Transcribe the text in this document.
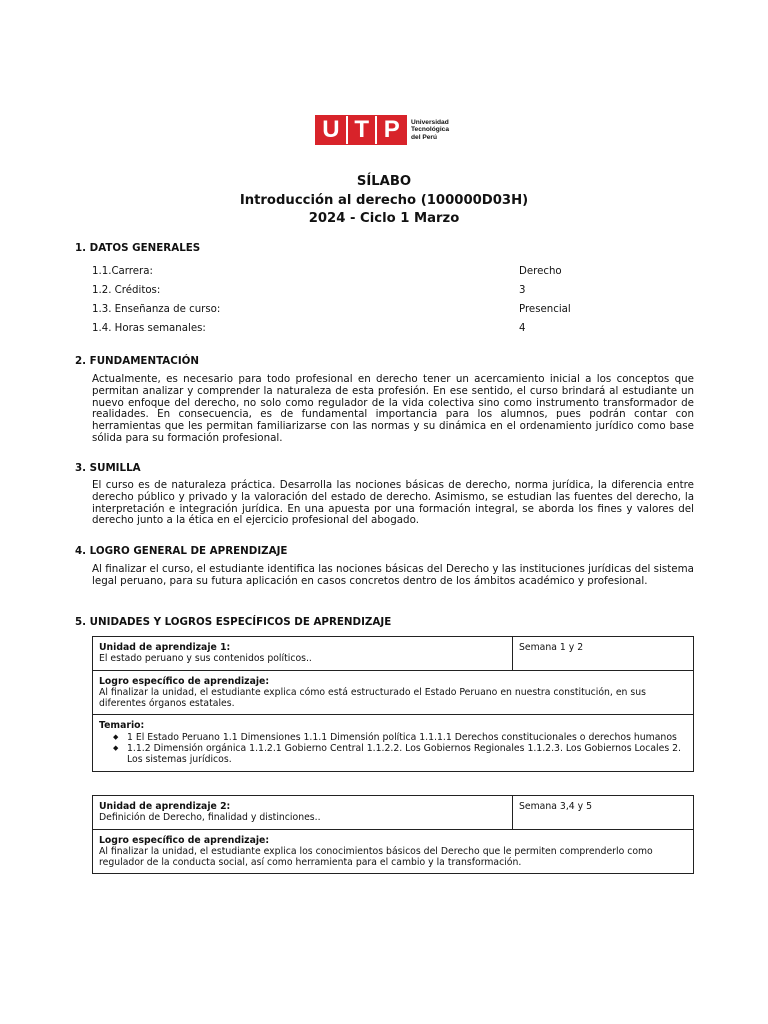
U T P Universidad
Tecnológica
del Perú
SÍLABO
Introducción al derecho (100000D03H)
2024 - Ciclo 1 Marzo
1. DATOS GENERALES
1.1.Carrera:	Derecho
1.2. Créditos:	3
1.3. Enseñanza de curso:	Presencial
1.4. Horas semanales:	4
2. FUNDAMENTACIÓN
Actualmente, es necesario para todo profesional en derecho tener un acercamiento inicial a los conceptos que permitan analizar y comprender la naturaleza de esta profesión. En ese sentido, el curso brindará al estudiante un nuevo enfoque del derecho, no solo como regulador de la vida colectiva sino como instrumento transformador de realidades. En consecuencia, es de fundamental importancia para los alumnos, pues podrán contar con herramientas que les permitan familiarizarse con las normas y su dinámica en el ordenamiento jurídico como base sólida para su formación profesional.
3. SUMILLA
El curso es de naturaleza práctica. Desarrolla las nociones básicas de derecho, norma jurídica, la diferencia entre derecho público y privado y la valoración del estado de derecho. Asimismo, se estudian las fuentes del derecho, la interpretación e integración jurídica. En una apuesta por una formación integral, se aborda los fines y valores del derecho junto a la ética en el ejercicio profesional del abogado.
4. LOGRO GENERAL DE APRENDIZAJE
Al finalizar el curso, el estudiante identifica las nociones básicas del Derecho y las instituciones jurídicas del sistema legal peruano, para su futura aplicación en casos concretos dentro de los ámbitos académico y profesional.
5. UNIDADES Y LOGROS ESPECÍFICOS DE APRENDIZAJE
Unidad de aprendizaje 1:
El estado peruano y sus contenidos políticos..
	Semana 1 y 2

Logro específico de aprendizaje:
Al finalizar la unidad, el estudiante explica cómo está estructurado el Estado Peruano en nuestra constitución, en sus diferentes órganos estatales.

Temario:
◆ 1 El Estado Peruano 1.1 Dimensiones 1.1.1 Dimensión política 1.1.1.1 Derechos constitucionales o derechos humanos
◆ 1.1.2 Dimensión orgánica 1.1.2.1 Gobierno Central 1.1.2.2. Los Gobiernos Regionales 1.1.2.3. Los Gobiernos Locales 2. Los sistemas jurídicos.
Unidad de aprendizaje 2:
Definición de Derecho, finalidad y distinciones..
	Semana 3,4 y 5

Logro específico de aprendizaje:
Al finalizar la unidad, el estudiante explica los conocimientos básicos del Derecho que le permiten comprenderlo como regulador de la conducta social, así como herramienta para el cambio y la transformación.
